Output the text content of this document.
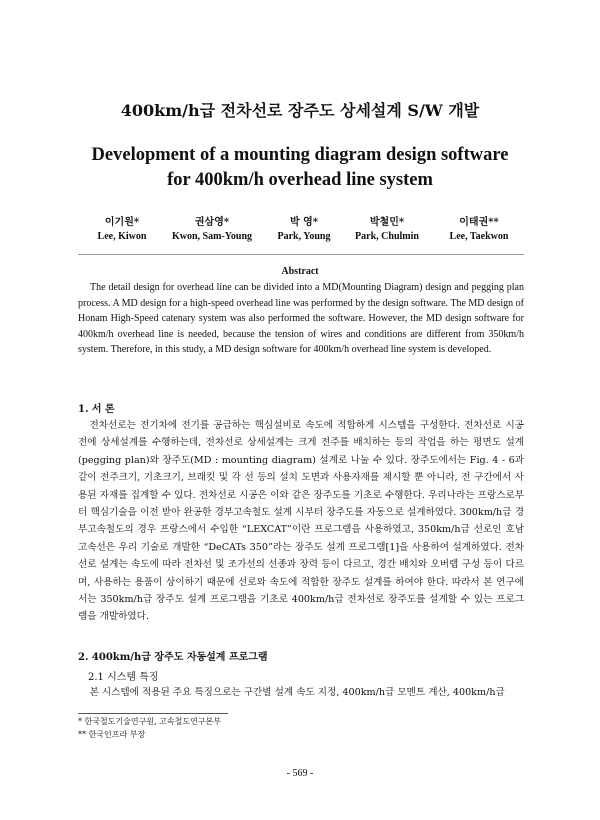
400km/h급 전차선로 장주도 상세설계 S/W 개발
Development of a mounting diagram design software
for 400km/h overhead line system
이기원*
Lee, Kiwon
권삼영*
Kwon, Sam-Young
박 영*
Park, Young
박철민*
Park, Chulmin
이태권**
Lee, Taekwon
Abstract

The detail design for overhead line can be divided into a MD(Mounting Diagram) design and pegging plan process. A MD design for a high-speed overhead line was performed by the design software. The MD design of Honam High-Speed catenary system was also performed the software. However, the MD design software for 400km/h overhead line is needed, because the tension of wires and conditions are different from 350km/h system. Therefore, in this study, a MD design software for 400km/h overhead line system is developed.

1. 서 론

전차선로는 전기차에 전기를 공급하는 핵심설비로 속도에 적합하게 시스템을 구성한다. 전차선로 시공 전에 상세설계를 수행하는데, 전차선로 상세설계는 크게 전주를 배치하는 등의 작업을 하는 평면도 설계(pegging plan)와 장주도(MD : mounting diagram) 설계로 나눌 수 있다. 장주도에서는 Fig. 4 - 6과 같이 전주크기, 기초크기, 브래킷 및 각 선 등의 설치 도면과 사용자재를 제시할 뿐 아니라, 전 구간에서 사용된 자재를 집계할 수 있다. 전차선로 시공은 이와 같은 장주도를 기초로 수행한다. 우리나라는 프랑스로부터 핵심기술을 이전 받아 완공한 경부고속철도 설계 시부터 장주도를 자동으로 설계하였다. 300km/h급 경부고속철도의 경우 프랑스에서 수입한 “LEXCAT”이란 프로그램을 사용하였고, 350km/h급 선로인 호남고속선은 우리 기술로 개발한 “DeCATs 350”라는 장주도 설계 프로그램[1]을 사용하여 설계하였다. 전차선로 설계는 속도에 따라 전차선 및 조가선의 선종과 장력 등이 다르고, 경간 배치와 오버랩 구성 등이 다르며, 사용하는 용품이 상이하기 때문에 선로와 속도에 적합한 장주도 설계를 하여야 한다. 따라서 본 연구에서는 350km/h급 장주도 설계 프로그램을 기초로 400km/h급 전차선로 장주도를 설계할 수 있는 프로그램을 개발하였다.

2. 400km/h급 장주도 자동설계 프로그램
2.1 시스템 특징

본 시스템에 적용된 주요 특징으로는 구간별 설계 속도 지정, 400km/h급 모멘트 계산, 400km/h급

* 한국철도기술연구원, 고속철도연구본부
** 한국인프라 부장
- 569 -
